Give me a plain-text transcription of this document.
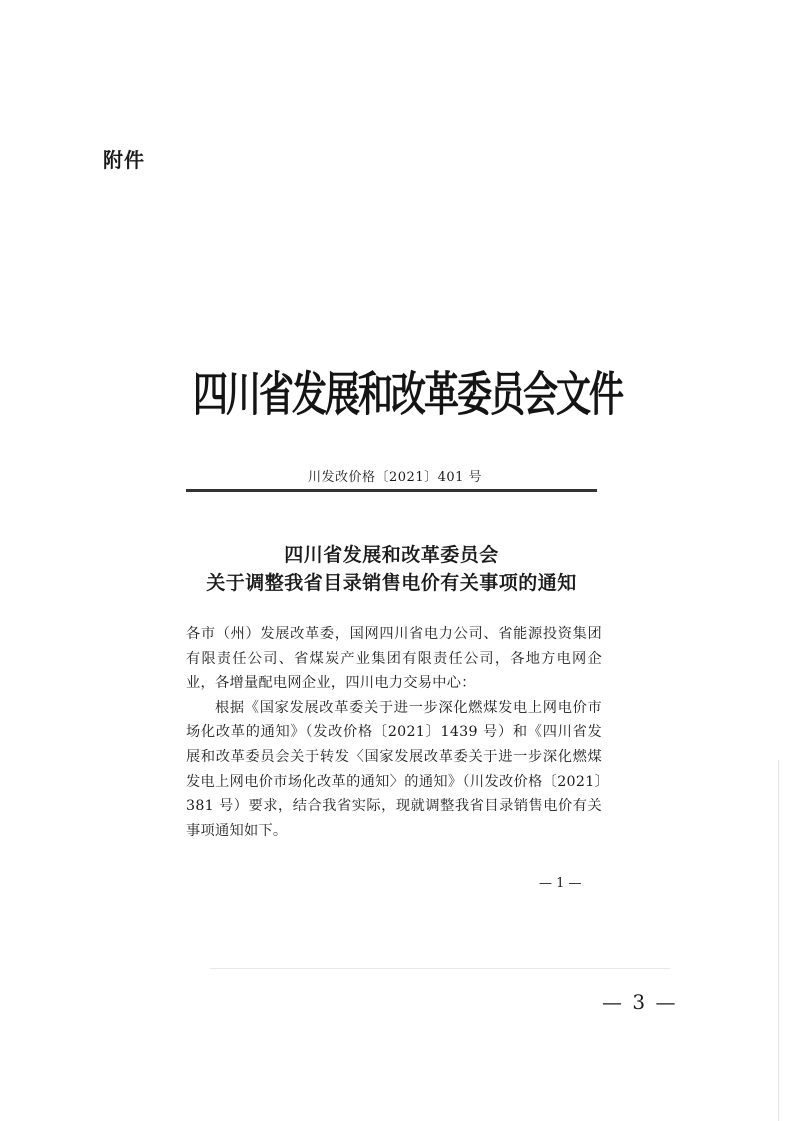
附件
四川省发展和改革委员会文件
川发改价格〔2021〕401 号
四川省发展和改革委员会
关于调整我省目录销售电价有关事项的通知

各市（州）发展改革委，国网四川省电力公司、省能源投资集团有限责任公司、省煤炭产业集团有限责任公司，各地方电网企业，各增量配电网企业，四川电力交易中心：

根据《国家发展改革委关于进一步深化燃煤发电上网电价市场化改革的通知》（发改价格〔2021〕1439 号）和《四川省发展和改革委员会关于转发〈国家发展改革委关于进一步深化燃煤发电上网电价市场化改革的通知〉的通知》（川发改价格〔2021〕381 号）要求，结合我省实际，现就调整我省目录销售电价有关事项通知如下。

— 1 —
— 3 —
